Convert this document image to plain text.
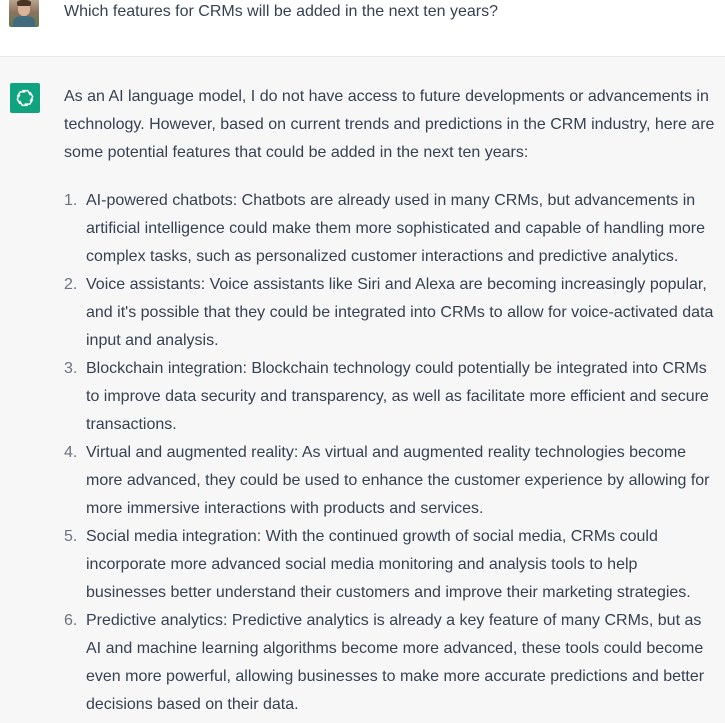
Which features for CRMs will be added in the next ten years?

As an AI language model, I do not have access to future developments or advancements in technology. However, based on current trends and predictions in the CRM industry, here are some potential features that could be added in the next ten years:

1. AI-powered chatbots: Chatbots are already used in many CRMs, but advancements in artificial intelligence could make them more sophisticated and capable of handling more complex tasks, such as personalized customer interactions and predictive analytics.
2. Voice assistants: Voice assistants like Siri and Alexa are becoming increasingly popular, and it's possible that they could be integrated into CRMs to allow for voice-activated data input and analysis.
3. Blockchain integration: Blockchain technology could potentially be integrated into CRMs to improve data security and transparency, as well as facilitate more efficient and secure transactions.
4. Virtual and augmented reality: As virtual and augmented reality technologies become more advanced, they could be used to enhance the customer experience by allowing for more immersive interactions with products and services.
5. Social media integration: With the continued growth of social media, CRMs could incorporate more advanced social media monitoring and analysis tools to help businesses better understand their customers and improve their marketing strategies.
6. Predictive analytics: Predictive analytics is already a key feature of many CRMs, but as AI and machine learning algorithms become more advanced, these tools could become even more powerful, allowing businesses to make more accurate predictions and better decisions based on their data.
